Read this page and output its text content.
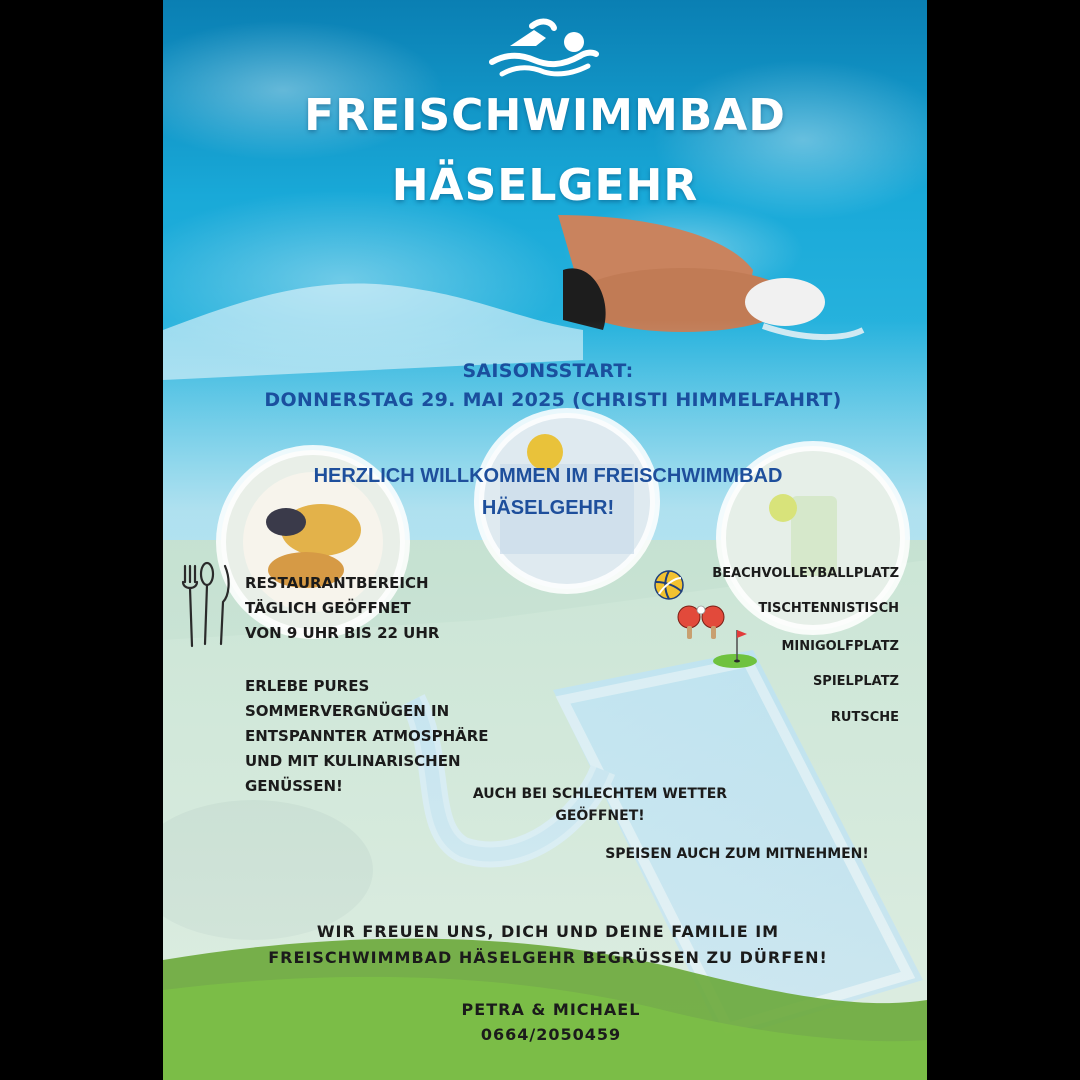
FREISCHWIMMBAD
HÄSELGEHR
SAISONSSTART:
DONNERSTAG 29. MAI 2025 (CHRISTI HIMMELFAHRT)
HERZLICH WILLKOMMEN IM FREISCHWIMMBAD
HÄSELGEHR!
RESTAURANTBEREICH
TÄGLICH GEÖFFNET
VON 9 UHR BIS 22 UHR
ERLEBE PURES
SOMMERVERGNÜGEN IN
ENTSPANNTER ATMOSPHÄRE
UND MIT KULINARISCHEN
GENÜSSEN!
BEACHVOLLEYBALLPLATZ
TISCHTENNISTISCH
MINIGOLFPLATZ
SPIELPLATZ
RUTSCHE
AUCH BEI SCHLECHTEM WETTER
GEÖFFNET!
SPEISEN AUCH ZUM MITNEHMEN!
WIR FREUEN UNS, DICH UND DEINE FAMILIE IM
FREISCHWIMMBAD HÄSELGEHR BEGRÜSSEN ZU DÜRFEN!
PETRA & MICHAEL
0664/2050459
